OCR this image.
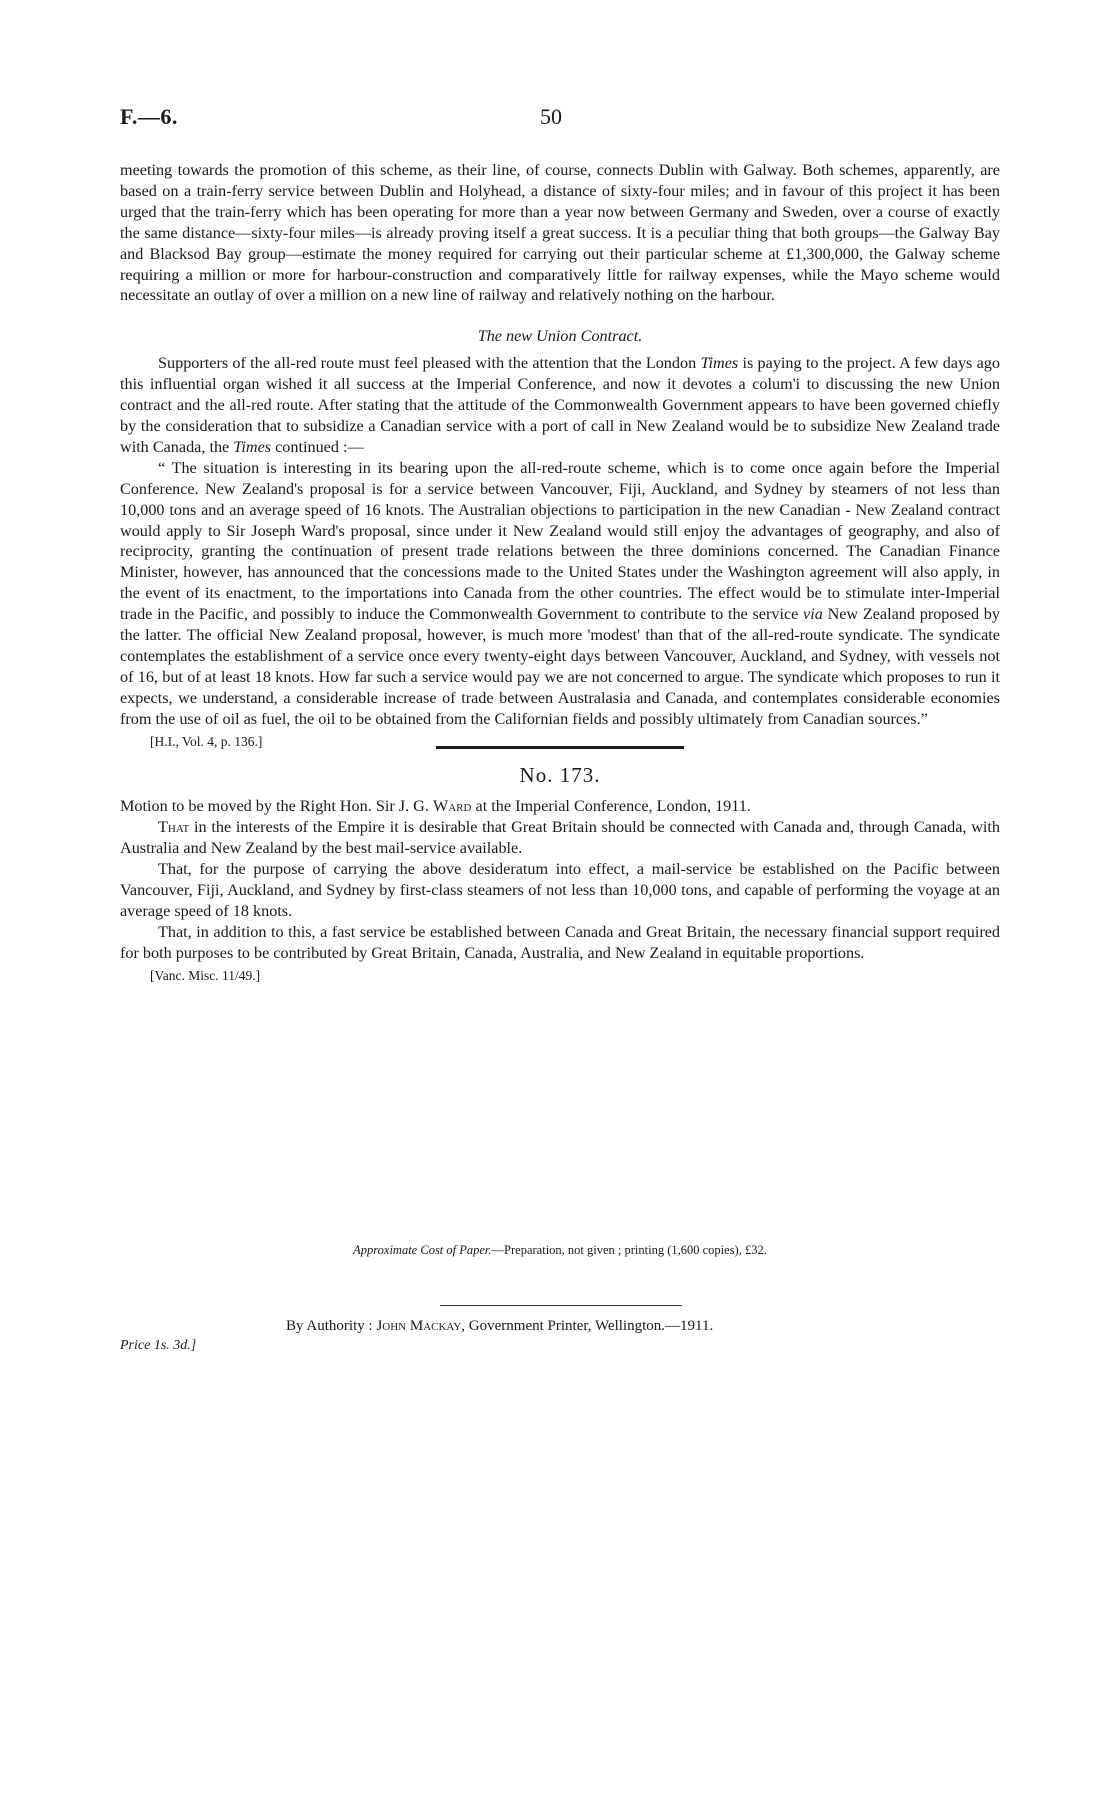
F.—6.	50

meeting towards the promotion of this scheme, as their line, of course, connects Dublin with Galway. Both schemes, apparently, are based on a train-ferry service between Dublin and Holyhead, a distance of sixty-four miles; and in favour of this project it has been urged that the train-ferry which has been operating for more than a year now between Germany and Sweden, over a course of exactly the same distance—sixty-four miles—is already proving itself a great success. It is a peculiar thing that both groups—the Galway Bay and Blacksod Bay group—estimate the money required for carrying out their particular scheme at £1,300,000, the Galway scheme requiring a million or more for harbour-construction and comparatively little for railway expenses, while the Mayo scheme would necessitate an outlay of over a million on a new line of railway and relatively nothing on the harbour.

The new Union Contract.

Supporters of the all-red route must feel pleased with the attention that the London Times is paying to the project. A few days ago this influential organ wished it all success at the Imperial Conference, and now it devotes a colum'i to discussing the new Union contract and the all-red route. After stating that the attitude of the Commonwealth Government appears to have been governed chiefly by the consideration that to subsidize a Canadian service with a port of call in New Zealand would be to subsidize New Zealand trade with Canada, the Times continued :—

“ The situation is interesting in its bearing upon the all-red-route scheme, which is to come once again before the Imperial Conference. New Zealand's proposal is for a service between Vancouver, Fiji, Auckland, and Sydney by steamers of not less than 10,000 tons and an average speed of 16 knots. The Australian objections to participation in the new Canadian - New Zealand contract would apply to Sir Joseph Ward's proposal, since under it New Zealand would still enjoy the advantages of geography, and also of reciprocity, granting the continuation of present trade relations between the three dominions concerned. The Canadian Finance Minister, however, has announced that the concessions made to the United States under the Washington agreement will also apply, in the event of its enactment, to the importations into Canada from the other countries. The effect would be to stimulate inter-Imperial trade in the Pacific, and possibly to induce the Commonwealth Government to contribute to the service via New Zealand proposed by the latter. The official New Zealand proposal, however, is much more 'modest' than that of the all-red-route syndicate. The syndicate contemplates the establishment of a service once every twenty-eight days between Vancouver, Auckland, and Sydney, with vessels not of 16, but of at least 18 knots. How far such a service would pay we are not concerned to argue. The syndicate which proposes to run it expects, we understand, a considerable increase of trade between Australasia and Canada, and contemplates considerable economies from the use of oil as fuel, the oil to be obtained from the Californian fields and possibly ultimately from Canadian sources.”

[H.I., Vol. 4, p. 136.]

No. 173.

Motion to be moved by the Right Hon. Sir J. G. Ward at the Imperial Conference, London, 1911.

That in the interests of the Empire it is desirable that Great Britain should be connected with Canada and, through Canada, with Australia and New Zealand by the best mail-service available.

That, for the purpose of carrying the above desideratum into effect, a mail-service be established on the Pacific between Vancouver, Fiji, Auckland, and Sydney by first-class steamers of not less than 10,000 tons, and capable of performing the voyage at an average speed of 18 knots.

That, in addition to this, a fast service be established between Canada and Great Britain, the necessary financial support required for both purposes to be contributed by Great Britain, Canada, Australia, and New Zealand in equitable proportions.

[Vanc. Misc. 11/49.]

Approximate Cost of Paper.—Preparation, not given ; printing (1,600 copies), £32.
By Authority : John Mackay, Government Printer, Wellington.—1911.
Price 1s. 3d.]
